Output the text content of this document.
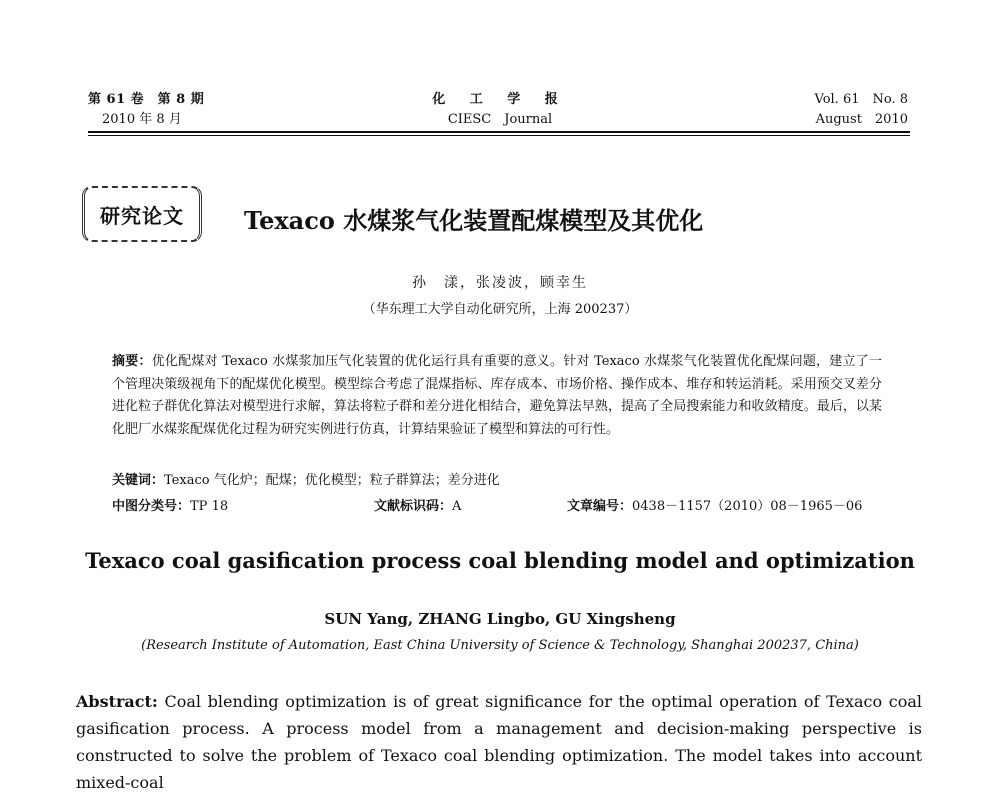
第 61 卷　第 8 期
2010 年 8 月
化 工 学 报
CIESC　Journal
Vol. 61　No. 8
August　2010
研究论文	Texaco 水煤浆气化装置配煤模型及其优化
孙　漾，张凌波，顾幸生
（华东理工大学自动化研究所，上海 200237）
摘要：优化配煤对 Texaco 水煤浆加压气化装置的优化运行具有重要的意义。针对 Texaco 水煤浆气化装置优化配煤问题，建立了一个管理决策级视角下的配煤优化模型。模型综合考虑了混煤指标、库存成本、市场价格、操作成本、堆存和转运消耗。采用预交叉差分进化粒子群优化算法对模型进行求解，算法将粒子群和差分进化相结合，避免算法早熟，提高了全局搜索能力和收敛精度。最后，以某化肥厂水煤浆配煤优化过程为研究实例进行仿真，计算结果验证了模型和算法的可行性。
关键词：Texaco 气化炉；配煤；优化模型；粒子群算法；差分进化
中图分类号：TP 18	文献标识码：A	文章编号：0438－1157（2010）08－1965－06
Texaco coal gasification process coal blending model and optimization
SUN Yang, ZHANG Lingbo, GU Xingsheng
(Research Institute of Automation, East China University of Science & Technology, Shanghai 200237, China)
Abstract: Coal blending optimization is of great significance for the optimal operation of Texaco coal gasification process. A process model from a management and decision-making perspective is constructed to solve the problem of Texaco coal blending optimization. The model takes into account mixed-coal
